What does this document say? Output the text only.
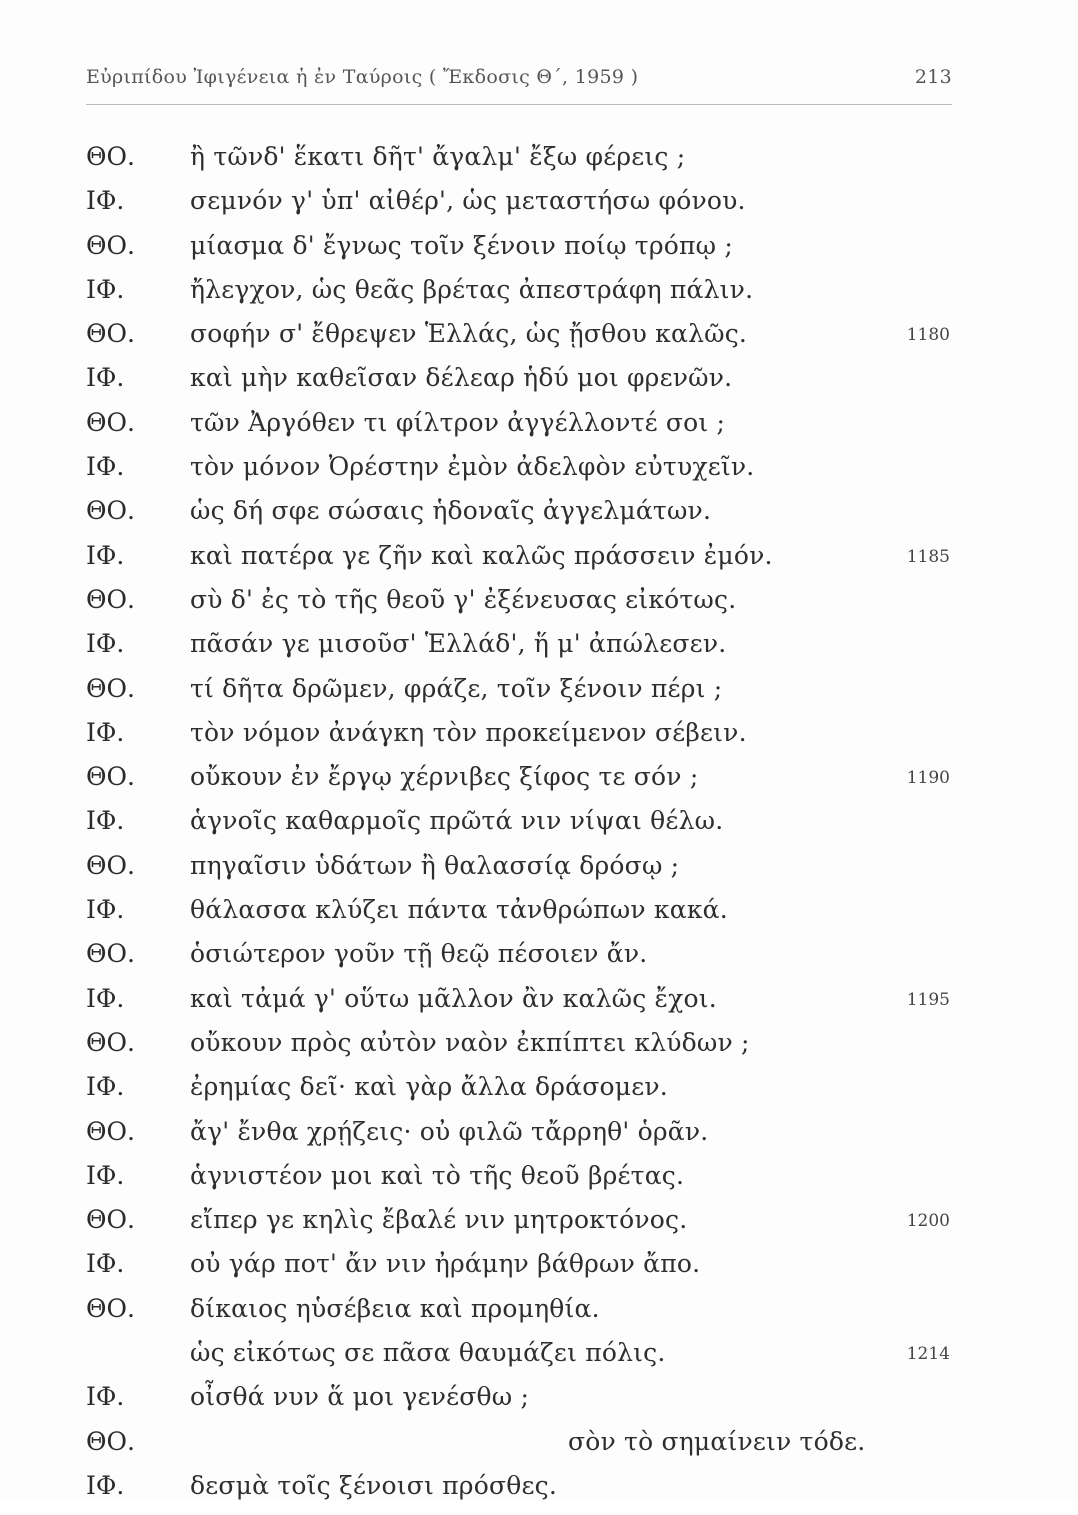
Εὐριπίδου Ἰφιγένεια ἡ ἐν Ταύροις ( Ἔκδοσις Θ΄, 1959 )	213
ΘΟ. ἢ τῶνδ' ἕκατι δῆτ' ἄγαλμ' ἔξω φέρεις ;
ΙΦ.	σεμνόν γ' ὑπ' αἰθέρ', ὡς μεταστήσω φόνου.
ΘΟ. μίασμα δ' ἔγνως τοῖν ξένοιν ποίῳ τρόπῳ ;
ΙΦ.	ἤλεγχον, ὡς θεᾶς βρέτας ἀπεστράφη πάλιν.
ΘΟ. σοφήν σ' ἔθρεψεν Ἑλλάς, ὡς ᾔσθου καλῶς.	1180
ΙΦ.	καὶ μὴν καθεῖσαν δέλεαρ ἡδύ μοι φρενῶν.
ΘΟ. τῶν Ἀργόθεν τι φίλτρον ἀγγέλλοντέ σοι ;
ΙΦ.	τὸν μόνον Ὀρέστην ἐμὸν ἀδελφὸν εὐτυχεῖν.
ΘΟ. ὡς δή σφε σώσαις ἡδοναῖς ἀγγελμάτων.
ΙΦ.	καὶ πατέρα γε ζῆν καὶ καλῶς πράσσειν ἐμόν.	1185
ΘΟ. σὺ δ' ἐς τὸ τῆς θεοῦ γ' ἐξένευσας εἰκότως.
ΙΦ.	πᾶσάν γε μισοῦσ' Ἑλλάδ', ἥ μ' ἀπώλεσεν.
ΘΟ. τί δῆτα δρῶμεν, φράζε, τοῖν ξένοιν πέρι ;
ΙΦ.	τὸν νόμον ἀνάγκη τὸν προκείμενον σέβειν.
ΘΟ. οὔκουν ἐν ἔργῳ χέρνιβες ξίφος τε σόν ;	1190
ΙΦ.	ἁγνοῖς καθαρμοῖς πρῶτά νιν νίψαι θέλω.
ΘΟ. πηγαῖσιν ὑδάτων ἢ θαλασσίᾳ δρόσῳ ;
ΙΦ.	θάλασσα κλύζει πάντα τἀνθρώπων κακά.
ΘΟ. ὁσιώτερον γοῦν τῇ θεῷ πέσοιεν ἄν.
ΙΦ.	καὶ τἀμά γ' οὕτω μᾶλλον ἂν καλῶς ἔχοι.	1195
ΘΟ. οὔκουν πρὸς αὐτὸν ναὸν ἐκπίπτει κλύδων ;
ΙΦ.	ἐρημίας δεῖ· καὶ γὰρ ἄλλα δράσομεν.
ΘΟ. ἄγ' ἔνθα χρῄζεις· οὐ φιλῶ τἄρρηθ' ὁρᾶν.
ΙΦ.	ἁγνιστέον μοι καὶ τὸ τῆς θεοῦ βρέτας.
ΘΟ. εἴπερ γε κηλὶς ἔβαλέ νιν μητροκτόνος.	1200
ΙΦ.	οὐ γάρ ποτ' ἄν νιν ἠράμην βάθρων ἄπο.
ΘΟ. δίκαιος ηὑσέβεια καὶ προμηθία.
ὡς εἰκότως σε πᾶσα θαυμάζει πόλις.	1214
ΙΦ.	οἶσθά νυν ἅ μοι γενέσθω ;
ΘΟ.	σὸν τὸ σημαίνειν τόδε.
ΙΦ.	δεσμὰ τοῖς ξένοισι πρόσθες.
